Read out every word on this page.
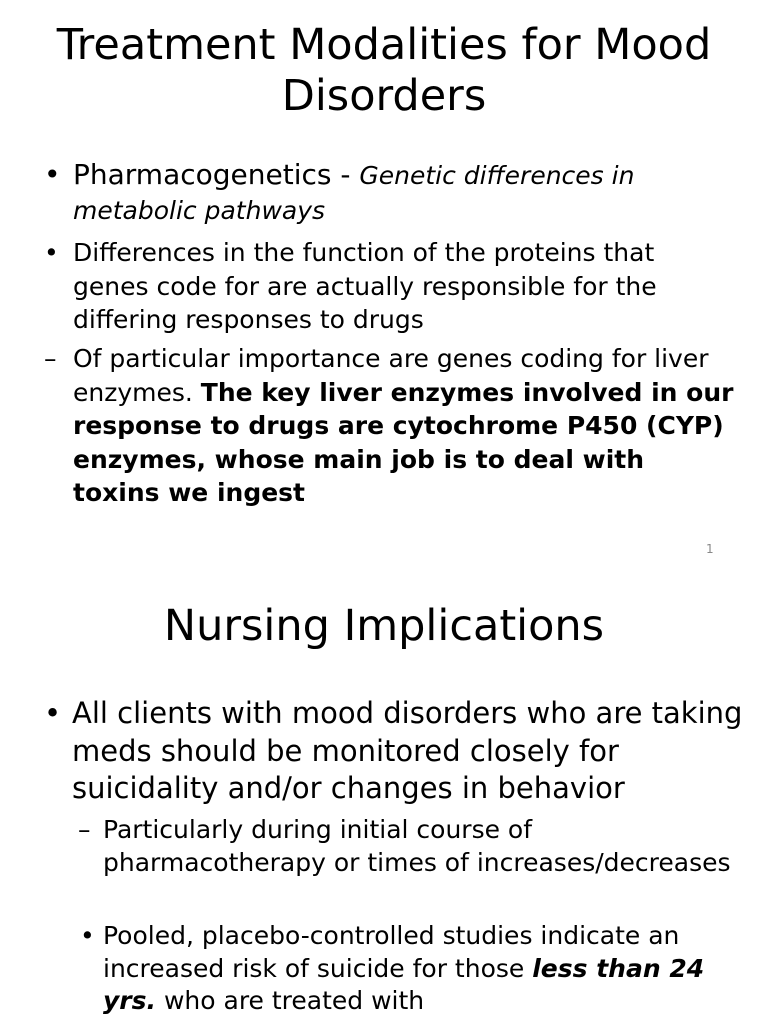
Treatment Modalities for Mood Disorders

• Pharmacogenetics - Genetic differences in metabolic pathways

• Differences in the function of the proteins that genes code for are actually responsible for the differing responses to drugs

– Of particular importance are genes coding for liver enzymes. The key liver enzymes involved in our response to drugs are cytochrome P450 (CYP) enzymes, whose main job is to deal with toxins we ingest

1
Nursing Implications

• All clients with mood disorders who are taking meds should be monitored closely for suicidality and/or changes in behavior

– Particularly during initial course of pharmacotherapy or times of increases/decreases

• Pooled, placebo-controlled studies indicate an increased risk of suicide for those less than 24 yrs. who are treated with
